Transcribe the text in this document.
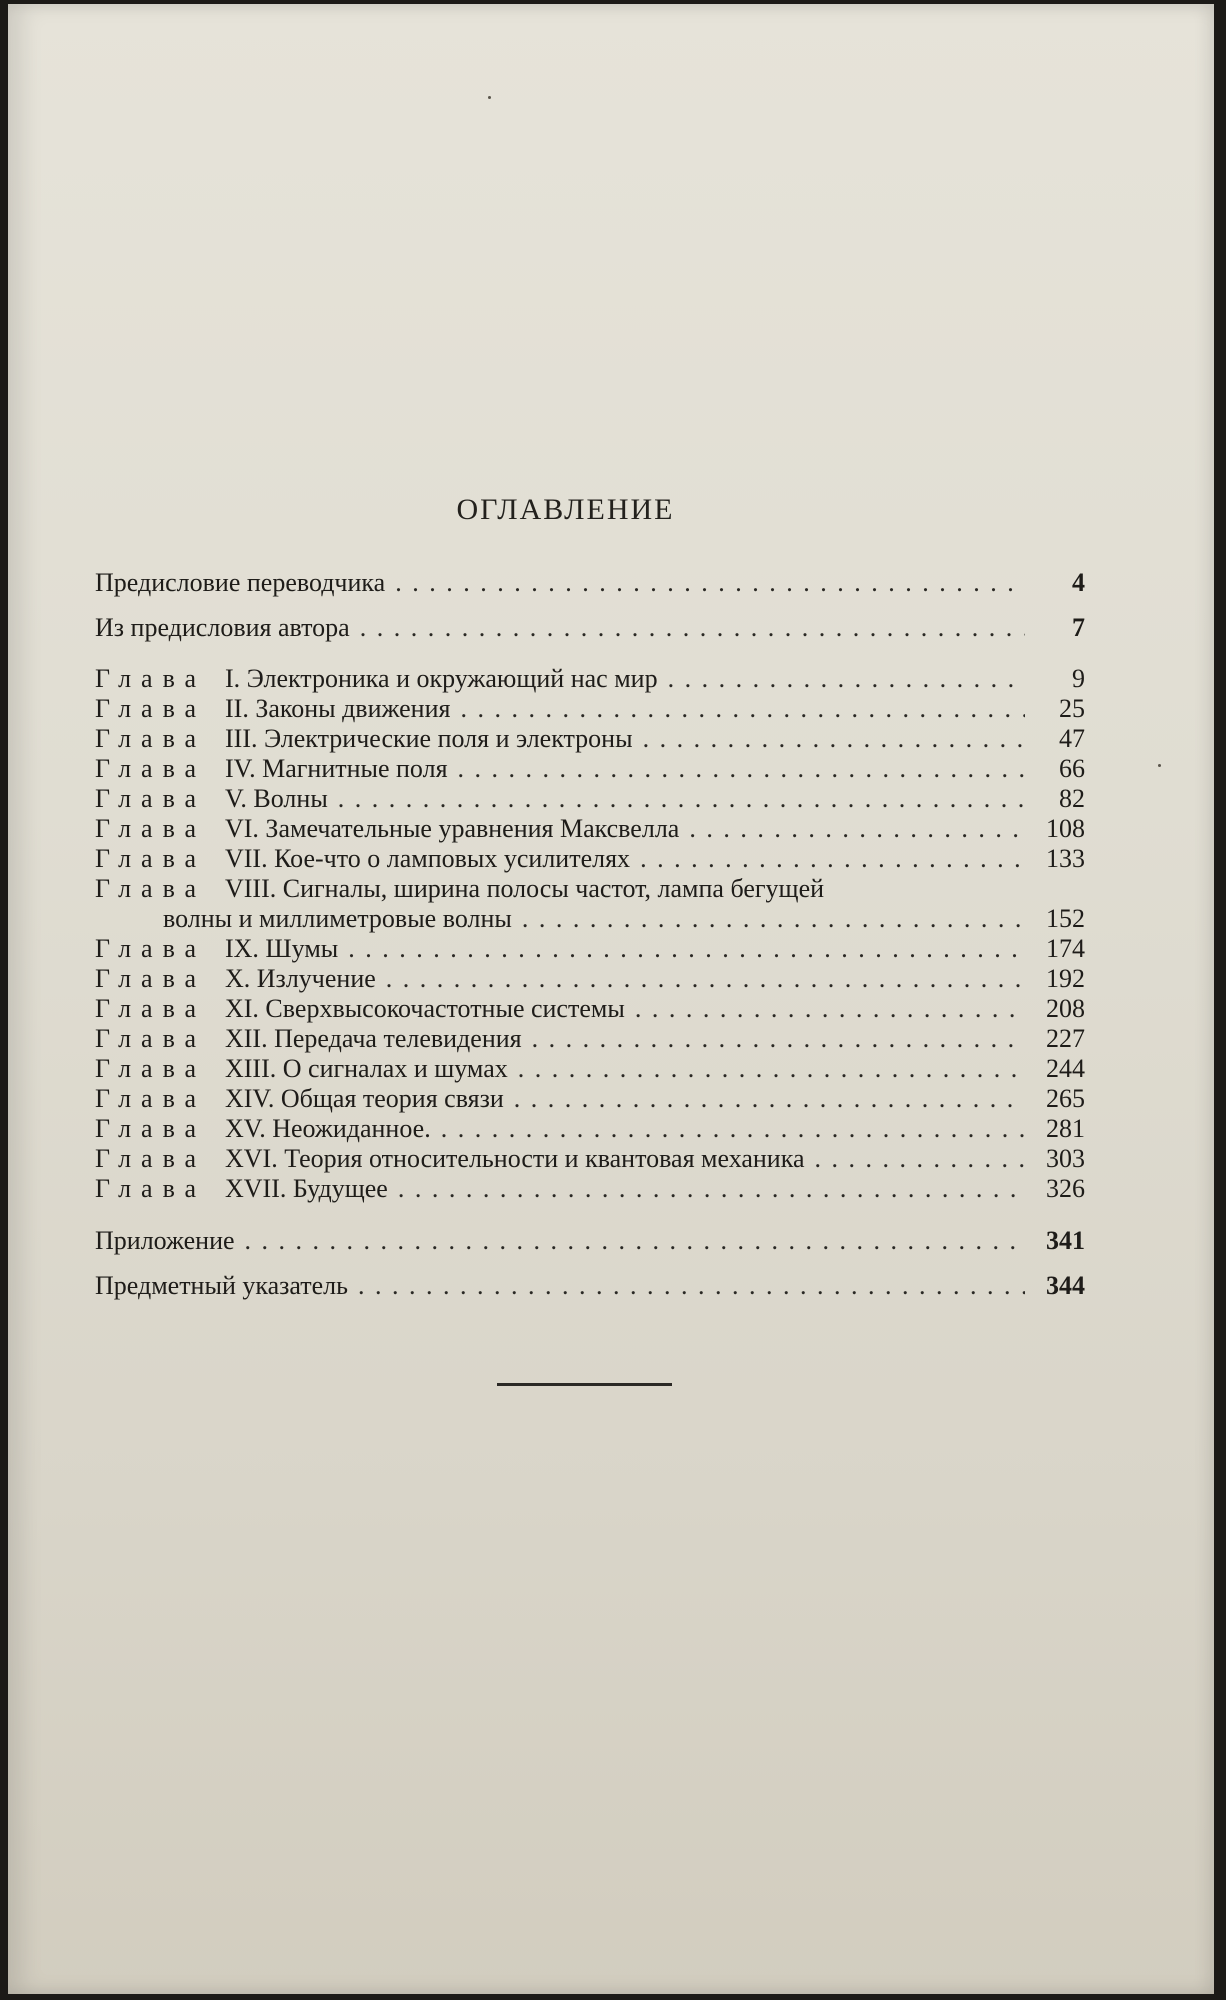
ОГЛАВЛЕНИЕ
Предисловие переводчика . . .	4
Из предисловия автора . . .	7
Глава I. Электроника и окружающий нас мир . . .	9
Глава II. Законы движения . . .	25
Глава III. Электрические поля и электроны . . .	47
Глава IV. Магнитные поля . . .	66
Глава V. Волны . . .	82
Глава VI. Замечательные уравнения Максвелла . . .	108
Глава VII. Кое-что о ламповых усилителях . . .	133
Глава VIII. Сигналы, ширина полосы частот, лампа бегущей
волны и миллиметровые волны . . .	152
Глава IX. Шумы . . .	174
Глава X. Излучение . . .	192
Глава XI. Сверхвысокочастотные системы . . .	208
Глава XII. Передача телевидения . . .	227
Глава XIII. О сигналах и шумах . . .	244
Глава XIV. Общая теория связи . . .	265
Глава XV. Неожиданное. . . .	281
Глава XVI. Теория относительности и квантовая механика . . .	303
Глава XVII. Будущее . . .	326
Приложение . . .	341
Предметный указатель . . .	344
